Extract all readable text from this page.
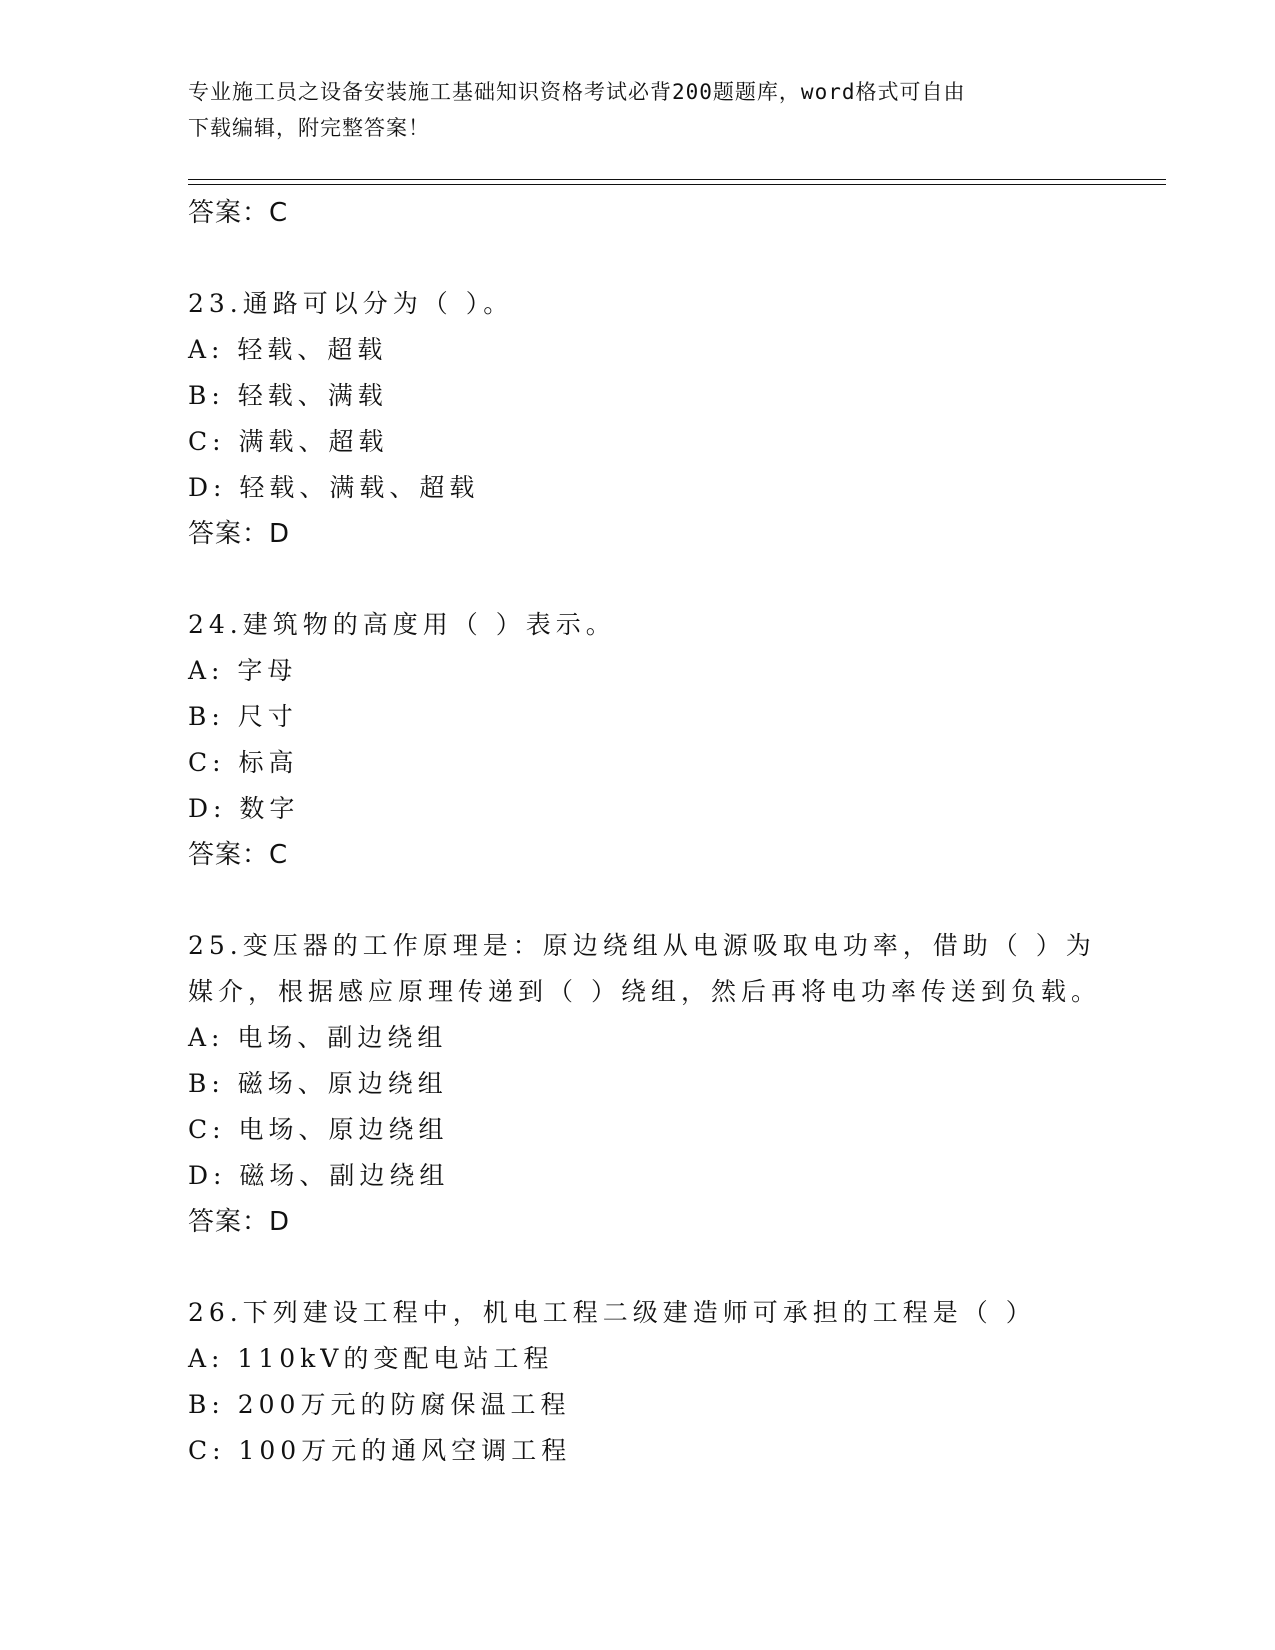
专业施工员之设备安装施工基础知识资格考试必背200题题库，word格式可自由
下载编辑，附完整答案！
答案：C
23.通路可以分为（ ）。
A: 轻载、超载
B: 轻载、满载
C: 满载、超载
D: 轻载、满载、超载
答案：D
24.建筑物的高度用（ ）表示。
A: 字母
B: 尺寸
C: 标高
D: 数字
答案：C
25.变压器的工作原理是：原边绕组从电源吸取电功率，借助（ ）为
媒介，根据感应原理传递到（ ）绕组，然后再将电功率传送到负载。
A: 电场、副边绕组
B: 磁场、原边绕组
C: 电场、原边绕组
D: 磁场、副边绕组
答案：D
26.下列建设工程中，机电工程二级建造师可承担的工程是（ ）
A: 110kV的变配电站工程
B: 200万元的防腐保温工程
C: 100万元的通风空调工程
